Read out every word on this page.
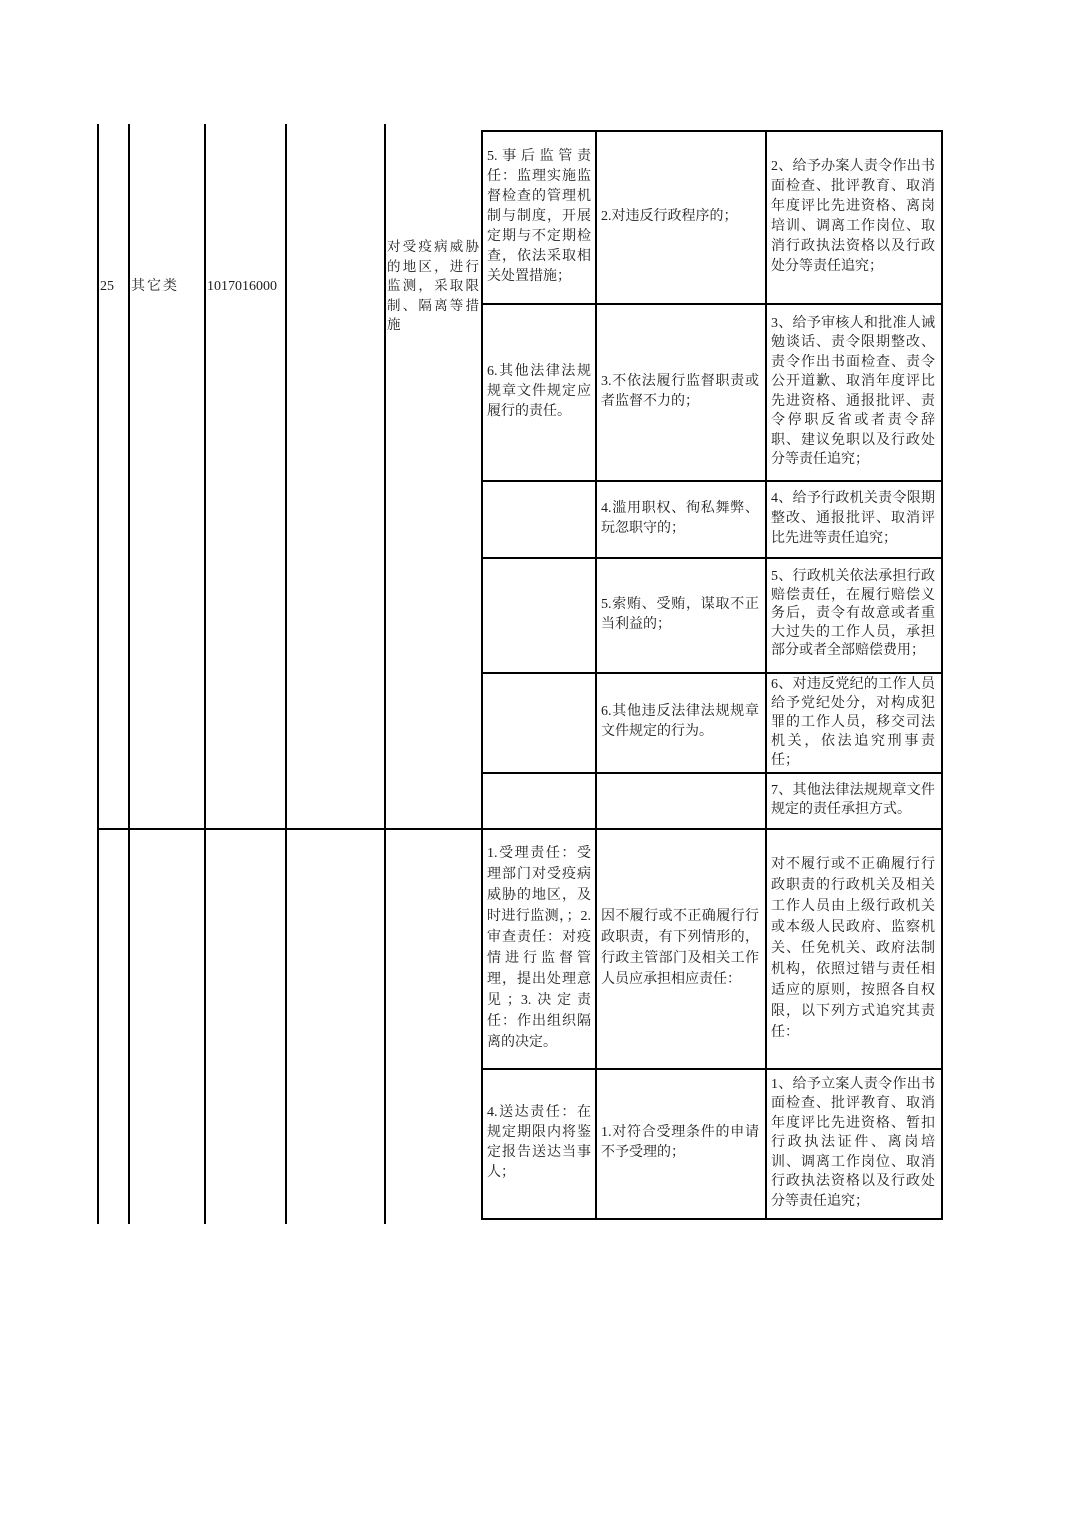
25	其它类	1017016000
对受疫病威胁的地区，进行监测，采取限制、隔离等措施
5.事后监管责任：监理实施监督检查的管理机制与制度，开展定期与不定期检查，依法采取相关处置措施；
6.其他法律法规规章文件规定应履行的责任。
2.对违反行政程序的；
3.不依法履行监督职责或者监督不力的；
4.滥用职权、徇私舞弊、玩忽职守的；
5.索贿、受贿，谋取不正当利益的；
6.其他违反法律法规规章文件规定的行为。
2、给予办案人责令作出书面检查、批评教育、取消年度评比先进资格、离岗培训、调离工作岗位、取消行政执法资格以及行政处分等责任追究；
3、给予审核人和批准人诫勉谈话、责令限期整改、责令作出书面检查、责令公开道歉、取消年度评比先进资格、通报批评、责令停职反省或者责令辞职、建议免职以及行政处分等责任追究；
4、给予行政机关责令限期整改、通报批评、取消评比先进等责任追究；
5、行政机关依法承担行政赔偿责任，在履行赔偿义务后，责令有故意或者重大过失的工作人员，承担部分或者全部赔偿费用；
6、对违反党纪的工作人员给予党纪处分，对构成犯罪的工作人员，移交司法机关，依法追究刑事责任；
7、其他法律法规规章文件规定的责任承担方式。
1.受理责任：受理部门对受疫病威胁的地区，及时进行监测，；2.审查责任：对疫情进行监督管理，提出处理意见；3.决定责任：作出组织隔离的决定。
4.送达责任：在规定期限内将鉴定报告送达当事人；
因不履行或不正确履行行政职责，有下列情形的，行政主管部门及相关工作人员应承担相应责任：
1.对符合受理条件的申请不予受理的；
对不履行或不正确履行行政职责的行政机关及相关工作人员由上级行政机关或本级人民政府、监察机关、任免机关、政府法制机构，依照过错与责任相适应的原则，按照各自权限，以下列方式追究其责任：
1、给予立案人责令作出书面检查、批评教育、取消年度评比先进资格、暂扣行政执法证件、离岗培训、调离工作岗位、取消行政执法资格以及行政处分等责任追究；
